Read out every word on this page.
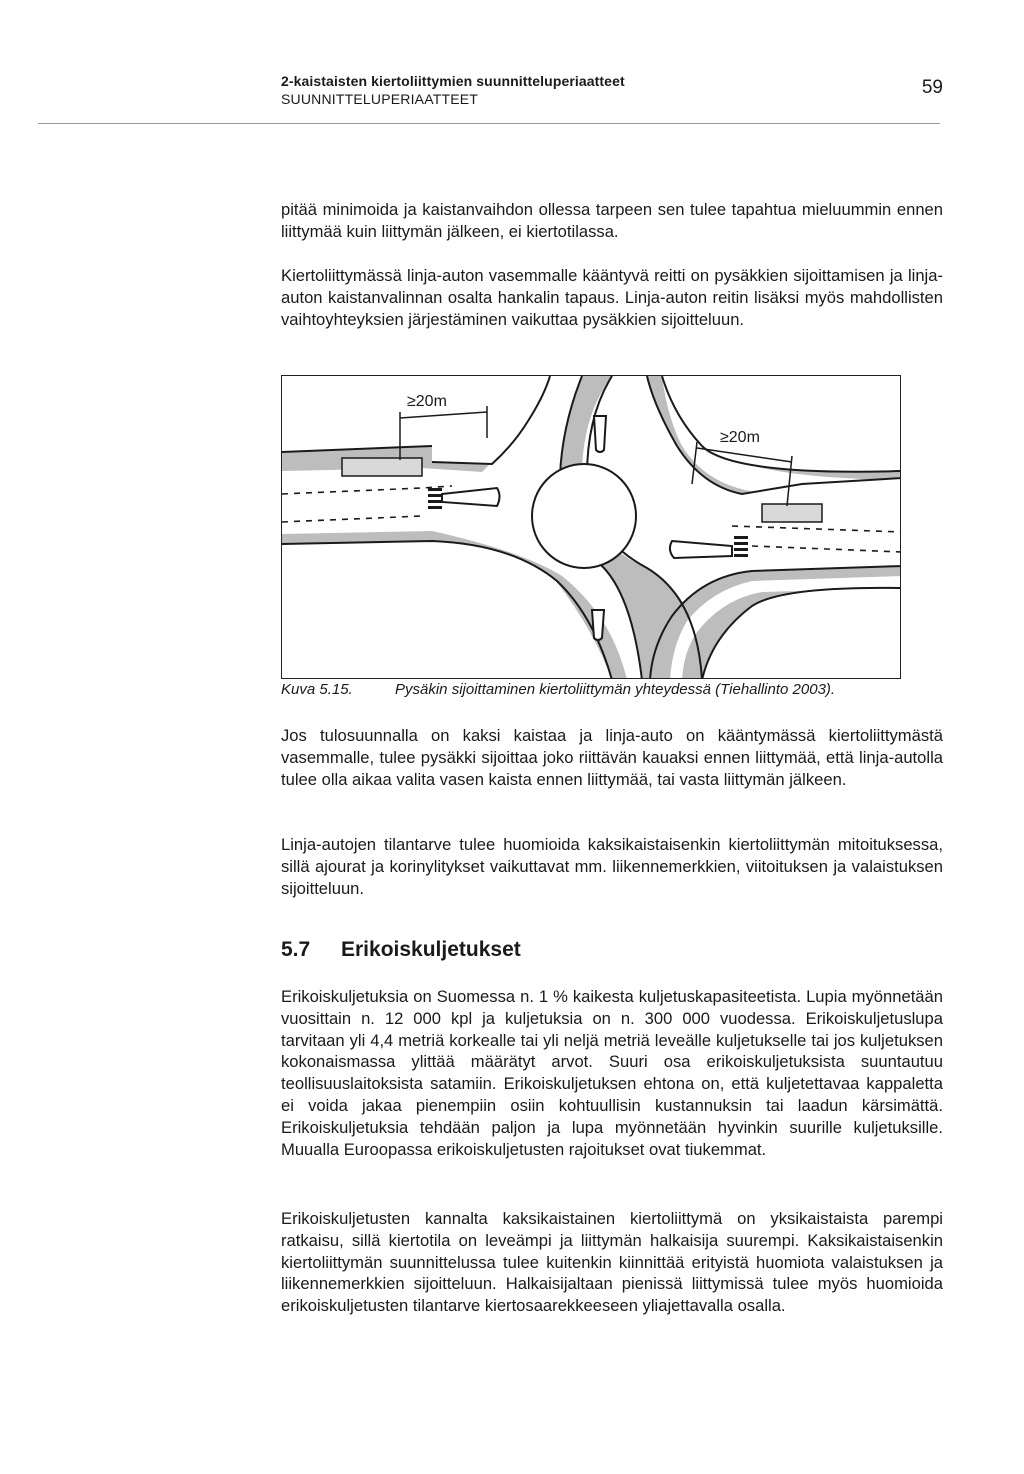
2-kaistaisten kiertoliittymien suunnitteluperiaatteet
SUUNNITTELUPERIAATTEET
59

pitää minimoida ja kaistanvaihdon ollessa tarpeen sen tulee tapahtua mieluummin ennen liittymää kuin liittymän jälkeen, ei kiertotilassa.

Kiertoliittymässä linja-auton vasemmalle kääntyvä reitti on pysäkkien sijoittamisen ja linja-auton kaistanvalinnan osalta hankalin tapaus. Linja-auton reitin lisäksi myös mahdollisten vaihtoyhteyksien järjestäminen vaikuttaa pysäkkien sijoitteluun.

≥20m
≥20m
Kuva 5.15.	Pysäkin sijoittaminen kiertoliittymän yhteydessä (Tiehallinto 2003).

Jos tulosuunnalla on kaksi kaistaa ja linja-auto on kääntymässä kiertoliittymästä vasemmalle, tulee pysäkki sijoittaa joko riittävän kauaksi ennen liittymää, että linja-autolla tulee olla aikaa valita vasen kaista ennen liittymää, tai vasta liittymän jälkeen.

Linja-autojen tilantarve tulee huomioida kaksikaistaisenkin kiertoliittymän mitoituksessa, sillä ajourat ja korinylitykset vaikuttavat mm. liikennemerkkien, viitoituksen ja valaistuksen sijoitteluun.

5.7 Erikoiskuljetukset

Erikoiskuljetuksia on Suomessa n. 1 % kaikesta kuljetuskapasiteetista. Lupia myönnetään vuosittain n. 12 000 kpl ja kuljetuksia on n. 300 000 vuodessa. Erikoiskuljetuslupa tarvitaan yli 4,4 metriä korkealle tai yli neljä metriä leveälle kuljetukselle tai jos kuljetuksen kokonaismassa ylittää määrätyt arvot. Suuri osa erikoiskuljetuksista suuntautuu teollisuuslaitoksista satamiin. Erikoiskuljetuksen ehtona on, että kuljetettavaa kappaletta ei voida jakaa pienempiin osiin kohtuullisin kustannuksin tai laadun kärsimättä. Erikoiskuljetuksia tehdään paljon ja lupa myönnetään hyvinkin suurille kuljetuksille. Muualla Euroopassa erikoiskuljetusten rajoitukset ovat tiukemmat.

Erikoiskuljetusten kannalta kaksikaistainen kiertoliittymä on yksikaistaista parempi ratkaisu, sillä kiertotila on leveämpi ja liittymän halkaisija suurempi. Kaksikaistaisenkin kiertoliittymän suunnittelussa tulee kuitenkin kiinnittää erityistä huomiota valaistuksen ja liikennemerkkien sijoitteluun. Halkaisijaltaan pienissä liittymissä tulee myös huomioida erikoiskuljetusten tilantarve kiertosaarekkeeseen yliajettavalla osalla.
